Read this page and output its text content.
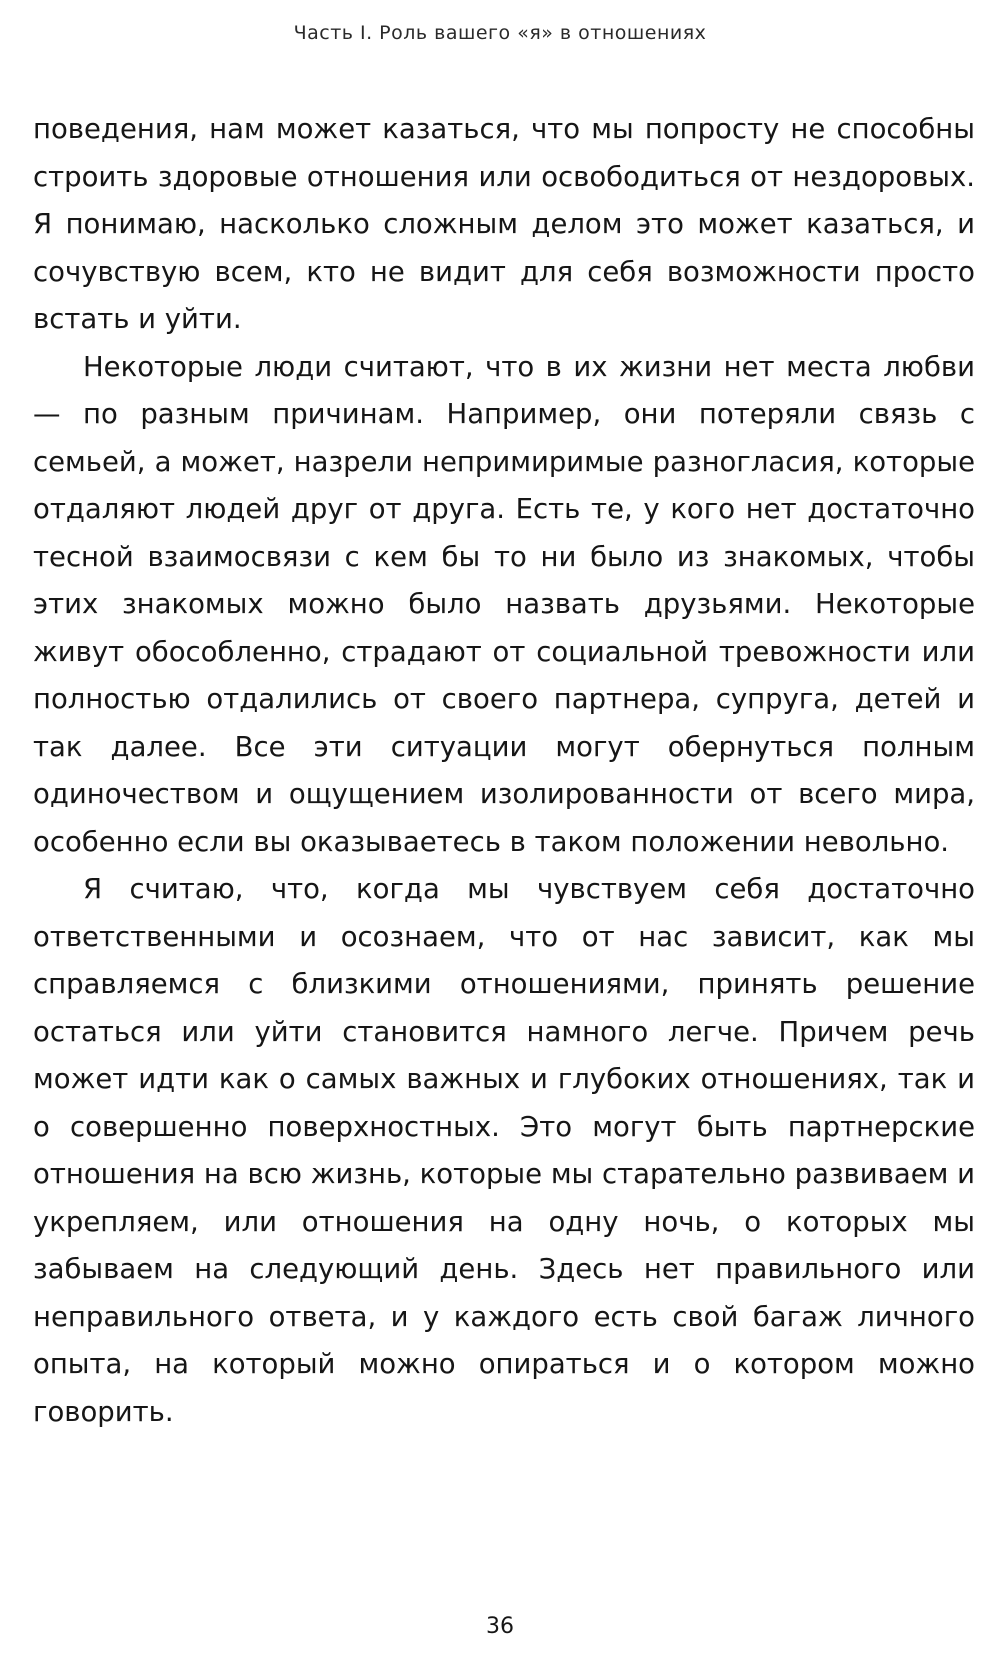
Часть I. Роль вашего «я» в отношениях

поведения, нам может казаться, что мы попросту не способны строить здоровые отношения или освободиться от нездоровых. Я понимаю, насколько сложным делом это может казаться, и сочувствую всем, кто не видит для себя возможности просто встать и уйти.

Некоторые люди считают, что в их жизни нет места любви — по разным причинам. Например, они потеряли связь с семьей, а может, назрели непримиримые разногласия, которые отдаляют людей друг от друга. Есть те, у кого нет достаточно тесной взаимосвязи с кем бы то ни было из знакомых, чтобы этих знакомых можно было назвать друзьями. Некоторые живут обособленно, страдают от социальной тревожности или полностью отдалились от своего партнера, супруга, детей и так далее. Все эти ситуации могут обернуться полным одиночеством и ощущением изолированности от всего мира, особенно если вы оказываетесь в таком положении невольно.

Я считаю, что, когда мы чувствуем себя достаточно ответственными и осознаем, что от нас зависит, как мы справляемся с близкими отношениями, принять решение остаться или уйти становится намного легче. Причем речь может идти как о самых важных и глубоких отношениях, так и о совершенно поверхностных. Это могут быть партнерские отношения на всю жизнь, которые мы старательно развиваем и укрепляем, или отношения на одну ночь, о которых мы забываем на следующий день. Здесь нет правильного или неправильного ответа, и у каждого есть свой багаж личного опыта, на который можно опираться и о котором можно говорить.

36
